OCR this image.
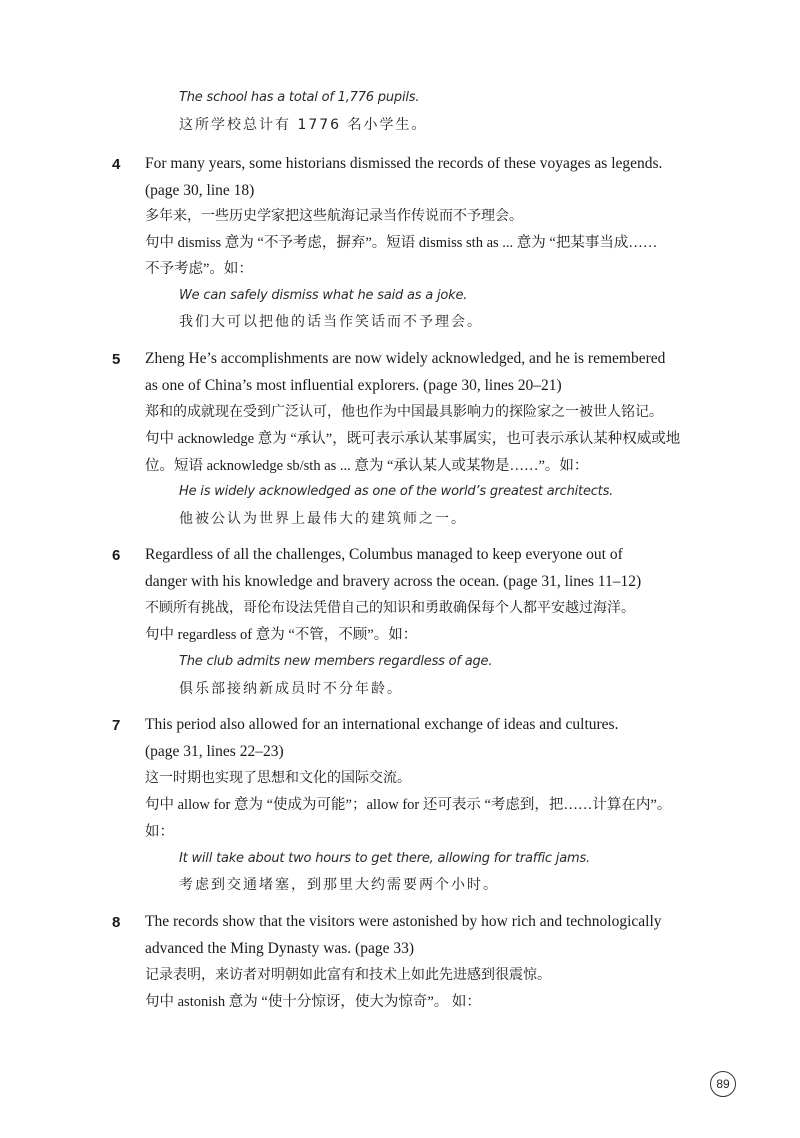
The school has a total of 1,776 pupils.

这所学校总计有 1776 名小学生。

4 For many years, some historians dismissed the records of these voyages as legends.

(page 30, line 18)

多年来，一些历史学家把这些航海记录当作传说而不予理会。

句中 dismiss 意为 “不予考虑，摒弃”。短语 dismiss sth as ... 意为 “把某事当成……

不予考虑”。如：

We can safely dismiss what he said as a joke.

我们大可以把他的话当作笑话而不予理会。

5 Zheng He’s accomplishments are now widely acknowledged, and he is remembered

as one of China’s most influential explorers. (page 30, lines 20–21)

郑和的成就现在受到广泛认可，他也作为中国最具影响力的探险家之一被世人铭记。

句中 acknowledge 意为 “承认”，既可表示承认某事属实，也可表示承认某种权威或地

位。短语 acknowledge sb/sth as ... 意为 “承认某人或某物是……”。如：

He is widely acknowledged as one of the world’s greatest architects.

他被公认为世界上最伟大的建筑师之一。

6 Regardless of all the challenges, Columbus managed to keep everyone out of

danger with his knowledge and bravery across the ocean. (page 31, lines 11–12)

不顾所有挑战，哥伦布设法凭借自己的知识和勇敢确保每个人都平安越过海洋。

句中 regardless of 意为 “不管，不顾”。如：

The club admits new members regardless of age.

俱乐部接纳新成员时不分年龄。

7 This period also allowed for an international exchange of ideas and cultures.

(page 31, lines 22–23)

这一时期也实现了思想和文化的国际交流。

句中 allow for 意为 “使成为可能”；allow for 还可表示 “考虑到，把……计算在内”。

如：

It will take about two hours to get there, allowing for traffic jams.

考虑到交通堵塞，到那里大约需要两个小时。

8 The records show that the visitors were astonished by how rich and technologically

advanced the Ming Dynasty was. (page 33)

记录表明，来访者对明朝如此富有和技术上如此先进感到很震惊。

句中 astonish 意为 “使十分惊讶，使大为惊奇”。 如：

89
